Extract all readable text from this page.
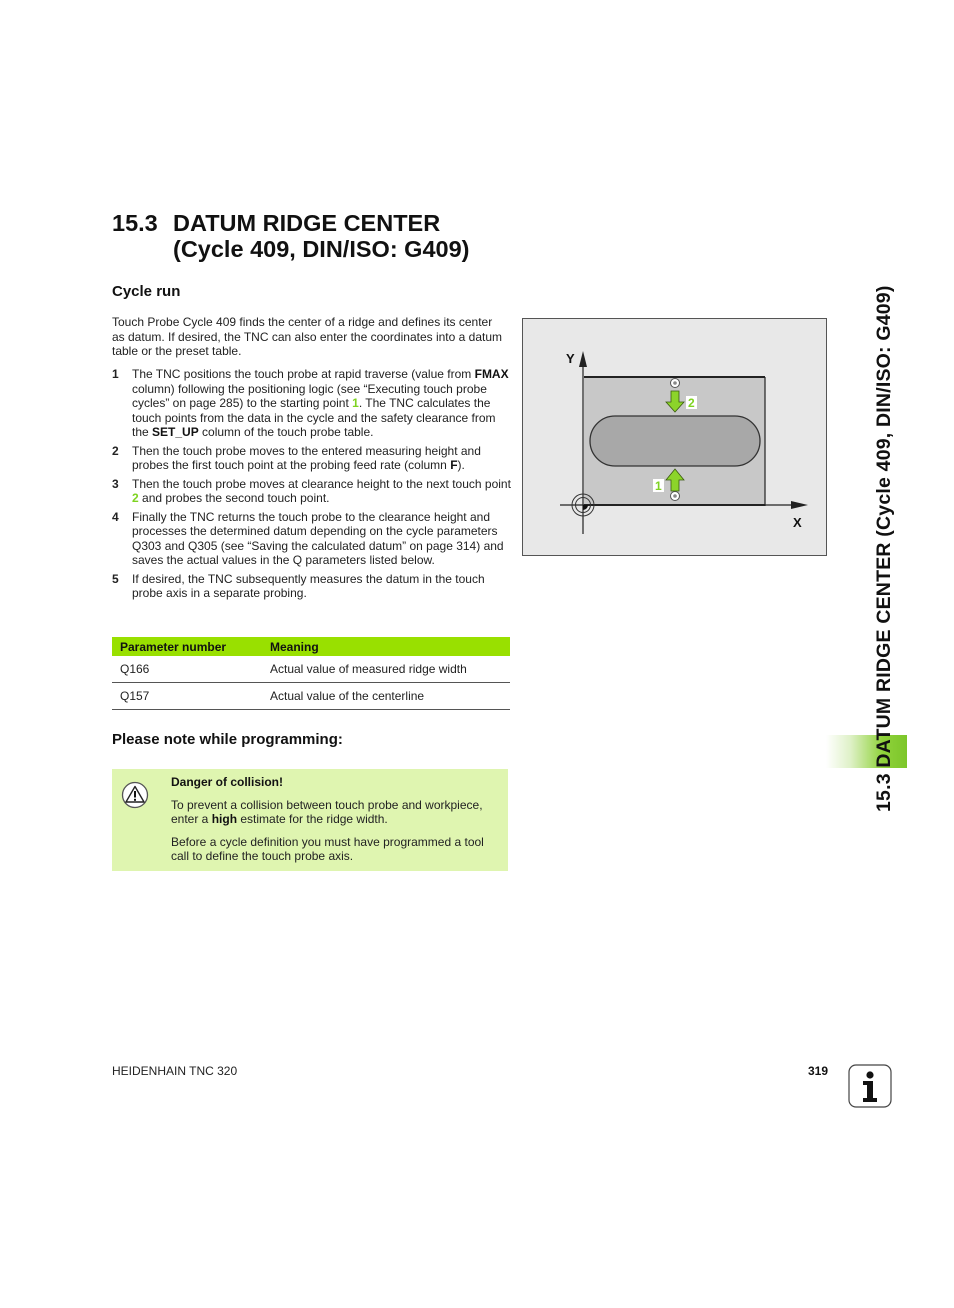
15.3 DATUM RIDGE CENTER
(Cycle 409, DIN/ISO: G409)
Cycle run
Touch Probe Cycle 409 finds the center of a ridge and defines its center as datum. If desired, the TNC can also enter the coordinates into a datum table or the preset table.
1 The TNC positions the touch probe at rapid traverse (value from FMAX column) following the positioning logic (see “Executing touch probe cycles” on page 285) to the starting point 1. The TNC calculates the touch points from the data in the cycle and the safety clearance from the SET_UP column of the touch probe table.
2 Then the touch probe moves to the entered measuring height and probes the first touch point at the probing feed rate (column F).
3 Then the touch probe moves at clearance height to the next touch point 2 and probes the second touch point.
4 Finally the TNC returns the touch probe to the clearance height and processes the determined datum depending on the cycle parameters Q303 and Q305 (see “Saving the calculated datum” on page 314) and saves the actual values in the Q parameters listed below.
5 If desired, the TNC subsequently measures the datum in the touch probe axis in a separate probing.
Parameter number	Meaning
Q166	Actual value of measured ridge width
Q157	Actual value of the centerline
Please note while programming:

Danger of collision!

To prevent a collision between touch probe and workpiece, enter a high estimate for the ridge width.

Before a cycle definition you must have programmed a tool call to define the touch probe axis.

2
1
Y
X	15.3 DATUM RIDGE CENTER (Cycle 409, DIN/ISO: G409)
HEIDENHAIN TNC 320	319
